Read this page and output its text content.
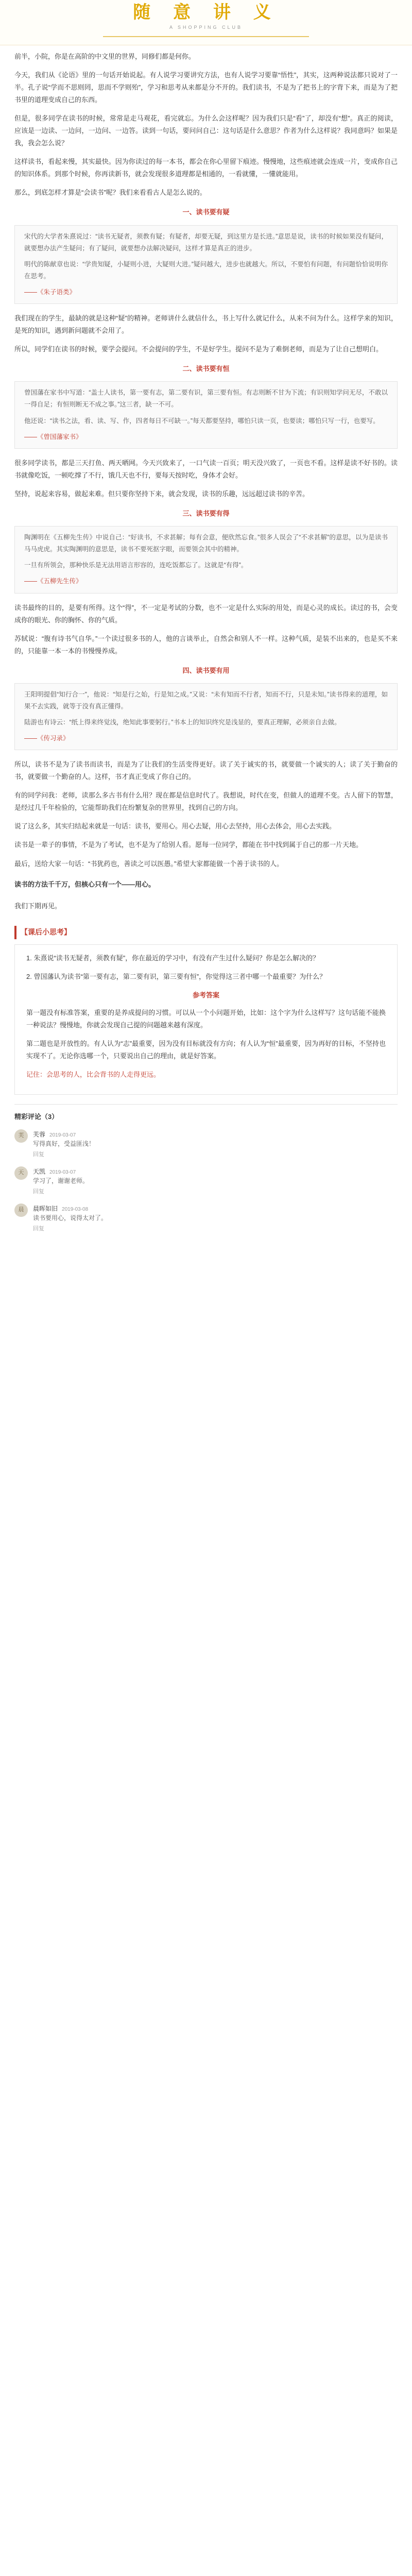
随 意 讲 义
A SHOPPING CLUB

前半，小院，你是在高阶的中文里的世界，同修们都是何你。

今天，我们从《论语》里的一句话开始说起。有人说学习要讲究方法，也有人说学习要靠“悟性”，其实，这两种说法都只说对了一半。孔子说“学而不思则罔，思而不学则殆”，学习和思考从来都是分不开的。我们读书，不是为了把书上的字背下来，而是为了把书里的道理变成自己的东西。

但是，很多同学在读书的时候，常常是走马观花，看完就忘。为什么会这样呢？因为我们只是“看”了，却没有“想”。真正的阅读，应该是一边读、一边问，一边问、一边答。读到一句话，要问问自己：这句话是什么意思？作者为什么这样说？我同意吗？如果是我，我会怎么说？

这样读书，看起来慢，其实最快。因为你读过的每一本书，都会在你心里留下痕迹。慢慢地，这些痕迹就会连成一片，变成你自己的知识体系。到那个时候，你再读新书，就会发现很多道理都是相通的，一看就懂，一懂就能用。

那么，到底怎样才算是“会读书”呢？我们来看看古人是怎么说的。

一、读书要有疑

宋代的大学者朱熹说过：“读书无疑者，须教有疑；有疑者，却要无疑，到这里方是长进。”意思是说，读书的时候如果没有疑问，就要想办法产生疑问；有了疑问，就要想办法解决疑问，这样才算是真正的进步。

明代的陈献章也说：“学贵知疑，小疑则小进，大疑则大进。”疑问越大，进步也就越大。所以，不要怕有问题，有问题恰恰说明你在思考。

——《朱子语类》

我们现在的学生，最缺的就是这种“疑”的精神。老师讲什么就信什么，书上写什么就记什么，从来不问为什么。这样学来的知识，是死的知识，遇到新问题就不会用了。

所以，同学们在读书的时候，要学会提问。不会提问的学生，不是好学生。提问不是为了难倒老师，而是为了让自己想明白。

二、读书要有恒

曾国藩在家书中写道：“盖士人读书，第一要有志，第二要有识，第三要有恒。有志则断不甘为下流；有识则知学问无尽，不敢以一得自足；有恒则断无不成之事。”这三者，缺一不可。

他还说：“读书之法，看、读、写、作，四者每日不可缺一。”每天都要坚持，哪怕只读一页，也要读；哪怕只写一行，也要写。

——《曾国藩家书》

很多同学读书，都是三天打鱼、两天晒网。今天兴致来了，一口气读一百页；明天没兴致了，一页也不看。这样是读不好书的。读书就像吃饭，一顿吃撑了不行，饿几天也不行，要每天按时吃，身体才会好。

坚持，说起来容易，做起来难。但只要你坚持下来，就会发现，读书的乐趣，远远超过读书的辛苦。

三、读书要有得

陶渊明在《五柳先生传》中说自己：“好读书，不求甚解；每有会意，便欣然忘食。”很多人误会了“不求甚解”的意思，以为是读书马马虎虎。其实陶渊明的意思是，读书不要死抠字眼，而要领会其中的精神。

一旦有所领会，那种快乐是无法用语言形容的，连吃饭都忘了。这就是“有得”。

——《五柳先生传》

读书最终的目的，是要有所得。这个“得”，不一定是考试的分数，也不一定是什么实际的用处，而是心灵的成长。读过的书，会变成你的眼光、你的胸怀、你的气质。

苏轼说：“腹有诗书气自华。”一个读过很多书的人，他的言谈举止，自然会和别人不一样。这种气质，是装不出来的，也是买不来的，只能靠一本一本的书慢慢养成。

四、读书要有用

王阳明提倡“知行合一”，他说：“知是行之始，行是知之成。”又说：“未有知而不行者，知而不行，只是未知。”读书得来的道理，如果不去实践，就等于没有真正懂得。

陆游也有诗云：“纸上得来终觉浅，绝知此事要躬行。”书本上的知识终究是浅显的，要真正理解，必须亲自去做。

——《传习录》

所以，读书不是为了读书而读书，而是为了让我们的生活变得更好。读了关于诚实的书，就要做一个诚实的人；读了关于勤奋的书，就要做一个勤奋的人。这样，书才真正变成了你自己的。

有的同学问我：老师，读那么多古书有什么用？现在都是信息时代了。我想说，时代在变，但做人的道理不变。古人留下的智慧，是经过几千年检验的，它能帮助我们在纷繁复杂的世界里，找到自己的方向。

说了这么多，其实归结起来就是一句话：读书，要用心。用心去疑，用心去坚持，用心去体会，用心去实践。

读书是一辈子的事情，不是为了考试，也不是为了给别人看。愿每一位同学，都能在书中找到属于自己的那一片天地。

最后，送给大家一句话：“书犹药也，善读之可以医愚。”希望大家都能做一个善于读书的人。

读书的方法千千万，但核心只有一个——用心。

我们下期再见。

【课后小思考】

1. 朱熹说“读书无疑者，须教有疑”，你在最近的学习中，有没有产生过什么疑问？你是怎么解决的？

2. 曾国藩认为读书“第一要有志，第二要有识，第三要有恒”，你觉得这三者中哪一个最重要？为什么？

参考答案

第一题没有标准答案，重要的是养成提问的习惯。可以从一个小问题开始，比如：这个字为什么这样写？这句话能不能换一种说法？慢慢地，你就会发现自己提的问题越来越有深度。

第二题也是开放性的。有人认为“志”最重要，因为没有目标就没有方向；有人认为“恒”最重要，因为再好的目标，不坚持也实现不了。无论你选哪一个，只要说出自己的理由，就是好答案。

记住：会思考的人，比会背书的人走得更远。

精彩评论（3）
芙	芙蓉 2019-03-07
写得真好，受益匪浅！
回复
天	天凯 2019-03-07
学习了，谢谢老师。
回复
晨	晨晖如旧 2019-03-08
读书要用心，说得太对了。
回复
